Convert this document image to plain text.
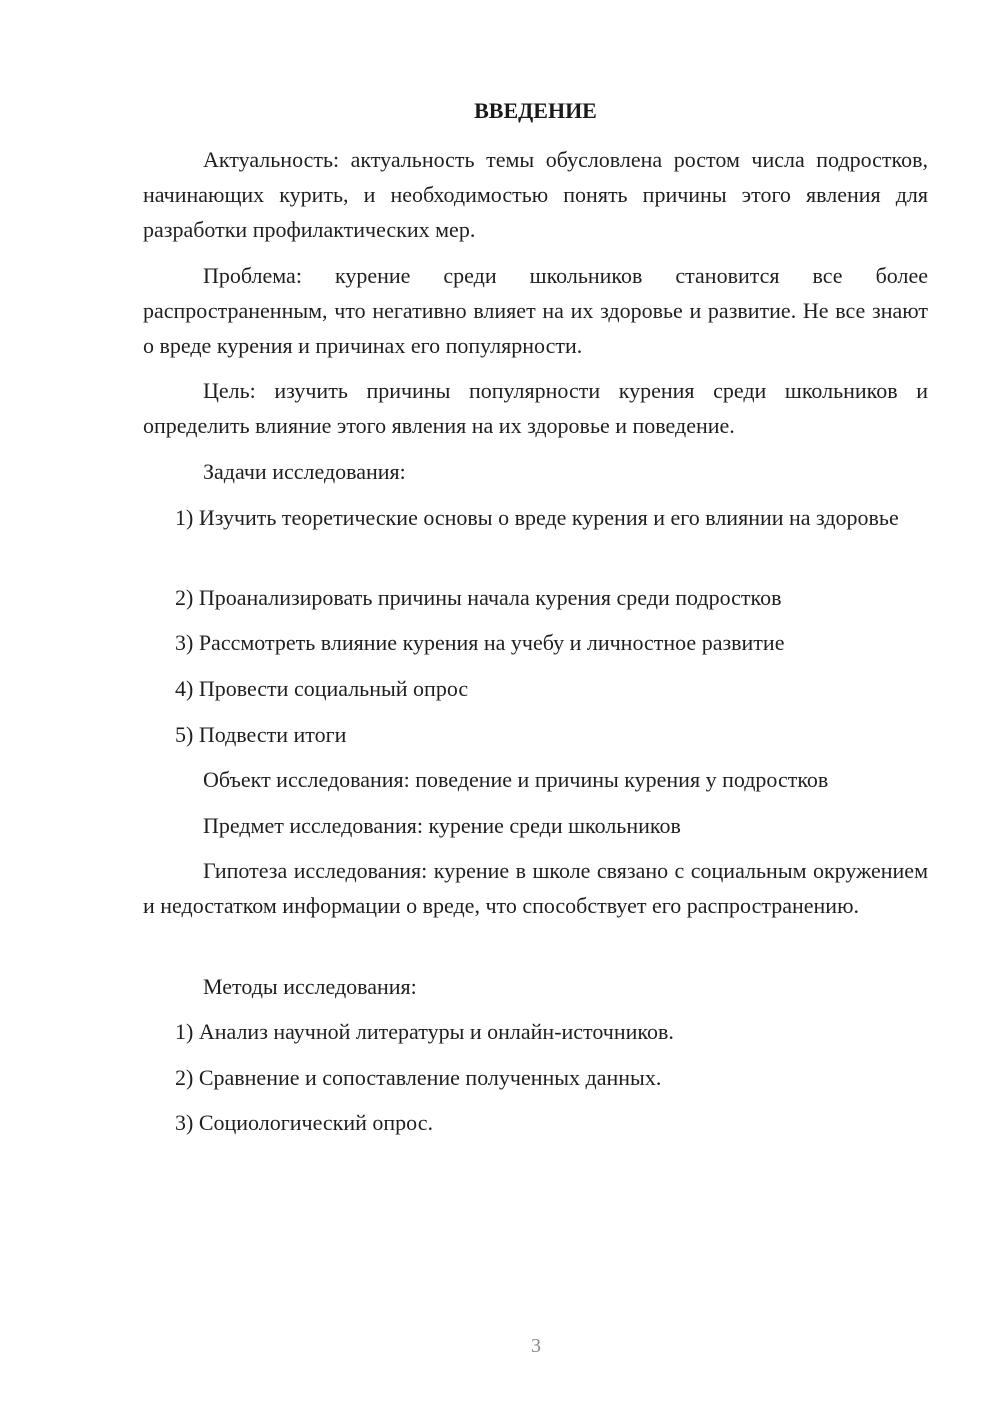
ВВЕДЕНИЕ
Актуальность: актуальность темы обусловлена ростом числа подростков, начинающих курить, и необходимостью понять причины этого явления для разработки профилактических мер.
Проблема: курение среди школьников становится все более распространенным, что негативно влияет на их здоровье и развитие. Не все знают о вреде курения и причинах его популярности.
Цель: изучить причины популярности курения среди школьников и определить влияние этого явления на их здоровье и поведение.
Задачи исследования:
1) Изучить теоретические основы о вреде курения и его влиянии на здоровье
2) Проанализировать причины начала курения среди подростков
3) Рассмотреть влияние курения на учебу и личностное развитие
4) Провести социальный опрос
5) Подвести итоги
Объект исследования: поведение и причины курения у подростков
Предмет исследования: курение среди школьников
Гипотеза исследования: курение в школе связано с социальным окружением и недостатком информации о вреде, что способствует его распространению.
Методы исследования:
1) Анализ научной литературы и онлайн-источников.
2) Сравнение и сопоставление полученных данных.
3) Социологический опрос.
3
